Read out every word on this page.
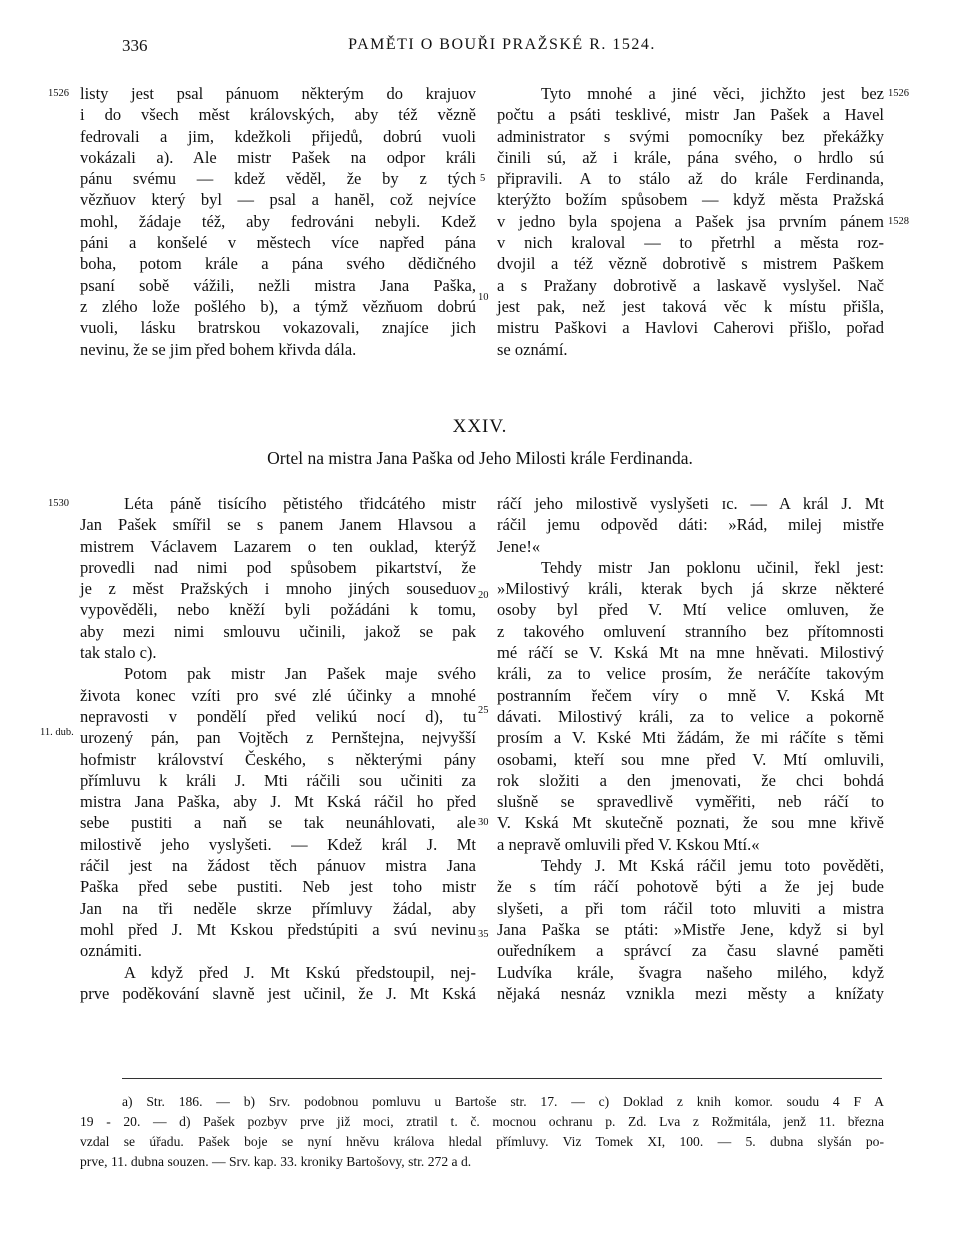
336	PAMĚTI O BOUŘI PRAŽSKÉ R. 1524.
1526	1526
5
1528
10
1530
20
25
11. dub.
30
35
listy jest psal pánuom některým do krajuov
i do všech měst královských, aby též vězně
fedrovali a jim, kdežkoli přijedů, dobrú vuoli
vokázali a). Ale mistr Pašek na odpor králi
pánu svému — kdež věděl, že by z tých
vězňuov který byl — psal a hanĕl, což nejvíce
mohl, žádaje též, aby fedrováni nebyli. Kdež
páni a konšelé v městech více napřed pána
boha, potom krále a pána svého dědičného
psaní sobě vážili, nežli mistra Jana Paška,
z zlého lože pošlého b), a týmž vězňuom dobrú
vuoli, lásku bratrskou vokazovali, znajíce jich
nevinu, že se jim před bohem křivda dála.
Tyto mnohé a jiné věci, jichžto jest bez
počtu a psáti tesklivé, mistr Jan Pašek a Havel
administrator s svými pomocníky bez překážky
činili sú, až i krále, pána svého, o hrdlo sú
připravili. A to stálo až do krále Ferdinanda,
kterýžto božím spůsobem — když města Pražská
v jedno byla spojena a Pašek jsa prvním pánem
v nich kraloval — to přetrhl a města roz-
dvojil a též vězně dobrotivě s mistrem Paškem
a s Pražany dobrotivě a laskavě vyslyšel. Nač
jest pak, než jest taková věc k místu přišla,
mistru Paškovi a Havlovi Caherovi přišlo, pořad
se oznámí.
XXIV.
Ortel na mistra Jana Paška od Jeho Milosti krále Ferdinanda.
Léta páně tisícího pětistého třidcátého mistr
Jan Pašek smířil se s panem Janem Hlavsou a
mistrem Václavem Lazarem o ten ouklad, kterýž
provedli nad nimi pod spůsobem pikartství, že
je z měst Pražských i mnoho jiných souseduov
vypověděli, nebo kněží byli požádáni k tomu,
aby mezi nimi smlouvu učinili, jakož se pak
tak stalo c).
Potom pak mistr Jan Pašek maje svého
života konec vzíti pro své zlé účinky a mnohé
nepravosti v pondělí před velikú nocí d), tu
urozený pán, pan Vojtěch z Pernštejna, nejvyšší
hofmistr království Českého, s některými pány
přímluvu k králi J. Mti ráčili sou učiniti za
mistra Jana Paška, aby J. Mt Kská ráčil ho před
sebe pustiti a naň se tak neunáhlovati, ale
milostivě jeho vyslyšeti. — Kdež král J. Mt
ráčil jest na žádost těch pánuov mistra Jana
Paška před sebe pustiti. Neb jest toho mistr
Jan na tři neděle skrze přímluvy žádal, aby
mohl před J. Mt Kskou předstúpiti a svú nevinu
oznámiti.
A když před J. Mt Kskú předstoupil, nej-
prve poděkování slavně jest učinil, že J. Mt Kská
ráčí jeho milostivě vyslyšeti ɪc. — A král J. Mt
ráčil jemu odpověd dáti: »Rád, milej mistře
Jene!«
Tehdy mistr Jan poklonu učinil, řekl jest:
»Milostivý králi, kterak bych já skrze některé
osoby byl před V. Mtí velice omluven, že
z takového omluvení stranního bez přítomnosti
mé ráčí se V. Kská Mt na mne hněvati. Milostivý
králi, za to velice prosím, že neráčíte takovým
postranním řečem víry o mně V. Kská Mt
dávati. Milostivý králi, za to velice a pokorně
prosím a V. Kské Mti žádám, že mi ráčíte s těmi
osobami, kteří sou mne před V. Mtí omluvili,
rok složiti a den jmenovati, že chci bohdá
slušně se spravedlivě vyměřiti, neb ráčí to
V. Kská Mt skutečně poznati, že sou mne křivě
a nepravě omluvili před V. Kskou Mtí.«
Tehdy J. Mt Kská ráčil jemu toto pověděti,
že s tím ráčí pohotově býti a že jej bude
slyšeti, a při tom ráčil toto mluviti a mistra
Jana Paška se ptáti: »Mistře Jene, když si byl
ouředníkem a správcí za času slavné paměti
Ludvíka krále, švagra našeho milého, když
nějaká nesnáz vznikla mezi městy a knížaty
a) Str. 186. — b) Srv. podobnou pomluvu u Bartoše str. 17. — c) Doklad z knih komor. soudu 4 F A
19 - 20. — d) Pašek pozbyv prve již moci, ztratil t. č. mocnou ochranu p. Zd. Lva z Rožmitála, jenž 11. března
vzdal se úřadu. Pašek boje se nyní hněvu králova hledal přímluvy. Viz Tomek XI, 100. — 5. dubna slyšán po-
prve, 11. dubna souzen. — Srv. kap. 33. kroniky Bartošovy, str. 272 a d.
